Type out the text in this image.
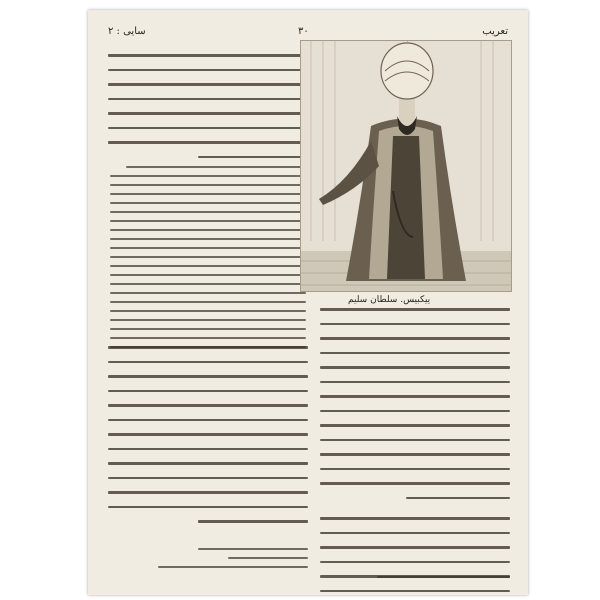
سایی : ۲	۳۰	تعریب
ییکبیس. سلطان سلیم
